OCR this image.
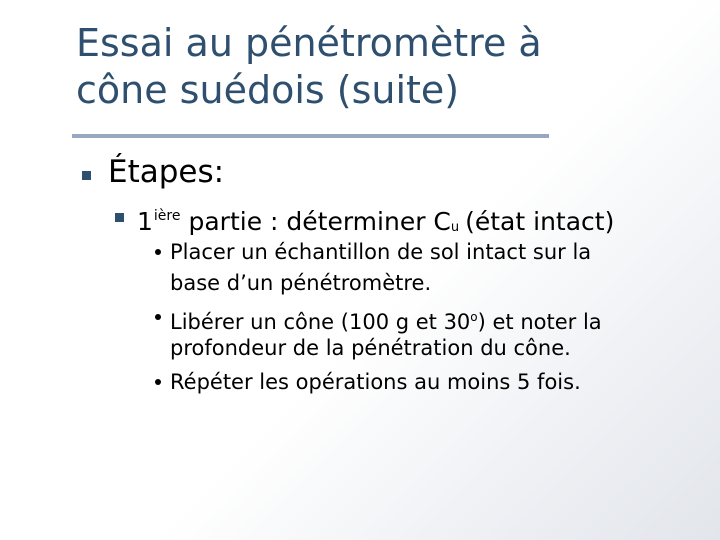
Essai au pénétromètre à
cône suédois (suite)
Étapes:
$1^{ière}$ partie : déterminer Cu (état intact)
Placer un échantillon de sol intact sur la
base d’un pénétromètre.
Libérer un cône (100 g et 30$^o$) et noter la
profondeur de la pénétration du cône.
Répéter les opérations au moins 5 fois.
